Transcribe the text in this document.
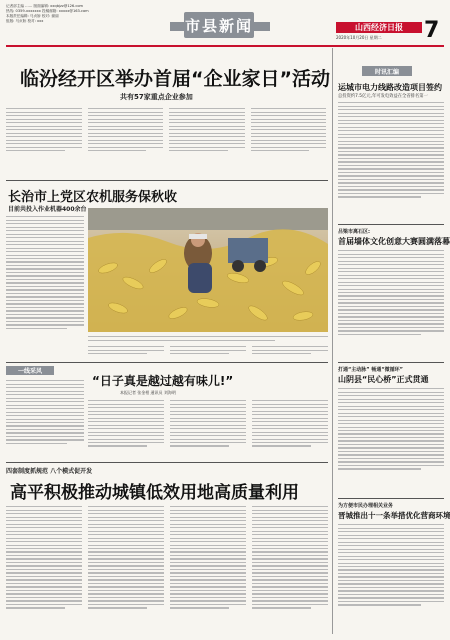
记者部主编 …… 版面编辑: xxqbjzz@126.com
热线: 0359-xxxxxxx 投稿邮箱: xxxxx@163.com
本版责任编辑: 马贞娇 校对: 谢丽
组版: 马贞娇 校对: xxx	市县新闻	山西经济日报
2020年10月20日 星期二 7
临汾经开区举办首届“企业家日”活动
共有57家重点企业参加
长治市上党区农机服务保秋收
目前共投入作业机器400余台
一线采风
“日子真是越过越有味儿!”
本报记者 张金相 通讯员 刘海明
四套制度抓规范 八个模式促开发
高平积极推动城镇低效用地高质量利用
时讯汇编
运城市电力线路改造项目签约
总投资约7.5亿元,年可发电效益在全省排名第一
吕梁市离石区:
首届墙体文化创意大赛圆满落幕
打通“主动脉” 畅通“微循环”
山阴县“民心桥”正式贯通
为方便市民办理相关业务
晋城推出十一条举措优化营商环境
